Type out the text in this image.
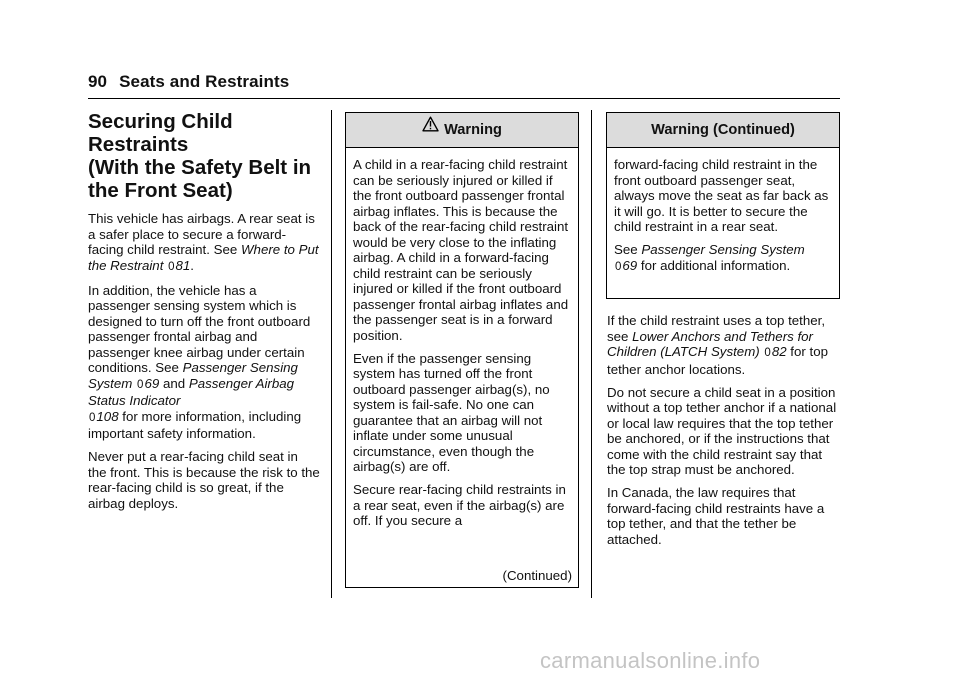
90 Seats and Restraints
Securing Child Restraints
(With the Safety Belt in
the Front Seat)

This vehicle has airbags. A rear seat is a safer place to secure a forward-facing child restraint. See Where to Put the Restraint 081.

In addition, the vehicle has a passenger sensing system which is designed to turn off the front outboard passenger frontal airbag and passenger knee airbag under certain conditions. See Passenger Sensing System 069 and Passenger Airbag Status Indicator
0108 for more information, including important safety information.

Never put a rear-facing child seat in the front. This is because the risk to the rear-facing child is so great, if the airbag deploys.

Warning

A child in a rear-facing child restraint can be seriously injured or killed if the front outboard passenger frontal airbag inflates. This is because the back of the rear-facing child restraint would be very close to the inflating airbag. A child in a forward-facing child restraint can be seriously injured or killed if the front outboard passenger frontal airbag inflates and the passenger seat is in a forward position.

Even if the passenger sensing system has turned off the front outboard passenger airbag(s), no system is fail-safe. No one can guarantee that an airbag will not inflate under some unusual circumstance, even though the airbag(s) are off.

Secure rear-facing child restraints in a rear seat, even if the airbag(s) are off. If you secure a

(Continued)
Warning (Continued)

forward-facing child restraint in the front outboard passenger seat, always move the seat as far back as it will go. It is better to secure the child restraint in a rear seat.

See Passenger Sensing System
069 for additional information.

If the child restraint uses a top tether, see Lower Anchors and Tethers for Children (LATCH System) 082 for top tether anchor locations.

Do not secure a child seat in a position without a top tether anchor if a national or local law requires that the top tether be anchored, or if the instructions that come with the child restraint say that the top strap must be anchored.

In Canada, the law requires that forward-facing child restraints have a top tether, and that the tether be attached.

carmanualsonline.info
